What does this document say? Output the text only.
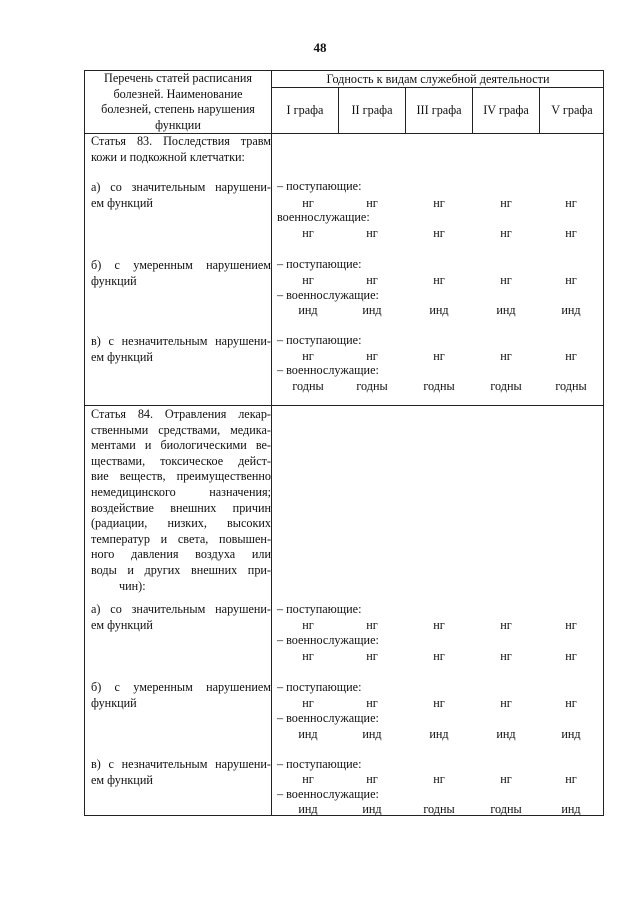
48
Перечень статей расписания
болезней. Наименование
болезней, степень нарушения
функции
Годность к видам служебной деятельности
I графа	II графа	III графа	IV графа	V графа
Статья 83. Последствия травм
кожи и подкожной клетчатки:
а) со значительным нарушени-
ем функций
– поступающие:
нг	нг	нг	нг	нг
военнослужащие:
нг	нг	нг	нг	нг
б) с умеренным нарушением
функций
– поступающие:
нг	нг	нг	нг	нг
– военнослужащие:
инд	инд	инд	инд	инд
в) с незначительным нарушени-
ем функций
– поступающие:
нг	нг	нг	нг	нг
– военнослужащие:
годны	годны	годны	годны	годны
Статья 84. Отравления лекар-
ственными средствами, медика-
ментами и биологическими ве-
ществами, токсическое дейст-
вие веществ, преимущественно
немедицинского назначения;
воздействие внешних причин
(радиации, низких, высоких
температур и света, повышен-
ного давления воздуха или
воды и других внешних при-
чин):
а) со значительным нарушени-
ем функций
– поступающие:
нг	нг	нг	нг	нг
– военнослужащие:
нг	нг	нг	нг	нг
б) с умеренным нарушением
функций
– поступающие:
нг	нг	нг	нг	нг
– военнослужащие:
инд	инд	инд	инд	инд
в) с незначительным нарушени-
ем функций
– поступающие:
нг	нг	нг	нг	нг
– военнослужащие:
инд	инд	годны	годны	инд
